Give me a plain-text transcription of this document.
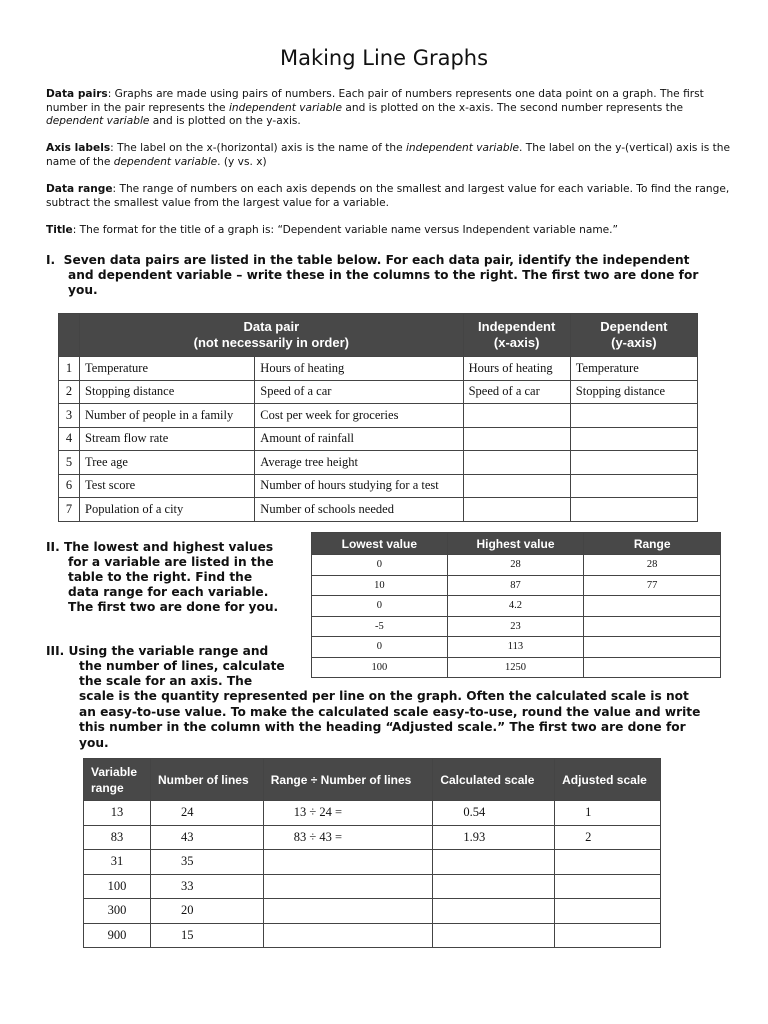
Making Line Graphs
Data pairs: Graphs are made using pairs of numbers. Each pair of numbers represents one data point on a graph. The first number in the pair represents the independent variable and is plotted on the x-axis. The second number represents the dependent variable and is plotted on the y-axis.
Axis labels: The label on the x-(horizontal) axis is the name of the independent variable. The label on the y-(vertical) axis is the name of the dependent variable. (y vs. x)
Data range: The range of numbers on each axis depends on the smallest and largest value for each variable. To find the range, subtract the smallest value from the largest value for a variable.
Title: The format for the title of a graph is: “Dependent variable name versus Independent variable name.”
I. Seven data pairs are listed in the table below. For each data pair, identify the independent
and dependent variable – write these in the columns to the right. The first two are done for
you.
	Data pair
(not necessarily in order)		Independent
(x-axis)	Dependent
(y-axis)
1	Temperature	Hours of heating	Hours of heating	Temperature
2	Stopping distance	Speed of a car	Speed of a car	Stopping distance
3	Number of people in a family	Cost per week for groceries		
4	Stream flow rate	Amount of rainfall		
5	Tree age	Average tree height		
6	Test score	Number of hours studying for a test		
7	Population of a city	Number of schools needed		
II. The lowest and highest values
for a variable are listed in the
table to the right. Find the
data range for each variable.
The first two are done for you.
Lowest value	Highest value	Range
0	28	28
10	87	77
0	4.2	
-5	23	
0	113	
100	1250	
III. Using the variable range and
the number of lines, calculate
the scale for an axis. The
scale is the quantity represented per line on the graph. Often the calculated scale is not
an easy-to-use value. To make the calculated scale easy-to-use, round the value and write
this number in the column with the heading “Adjusted scale.” The first two are done for
you.
Variable
range	Number of lines	Range ÷ Number of lines	Calculated scale	Adjusted scale
13	24	13 ÷ 24 =	0.54	1
83	43	83 ÷ 43 =	1.93	2
31	35			
100	33			
300	20			
900	15			
